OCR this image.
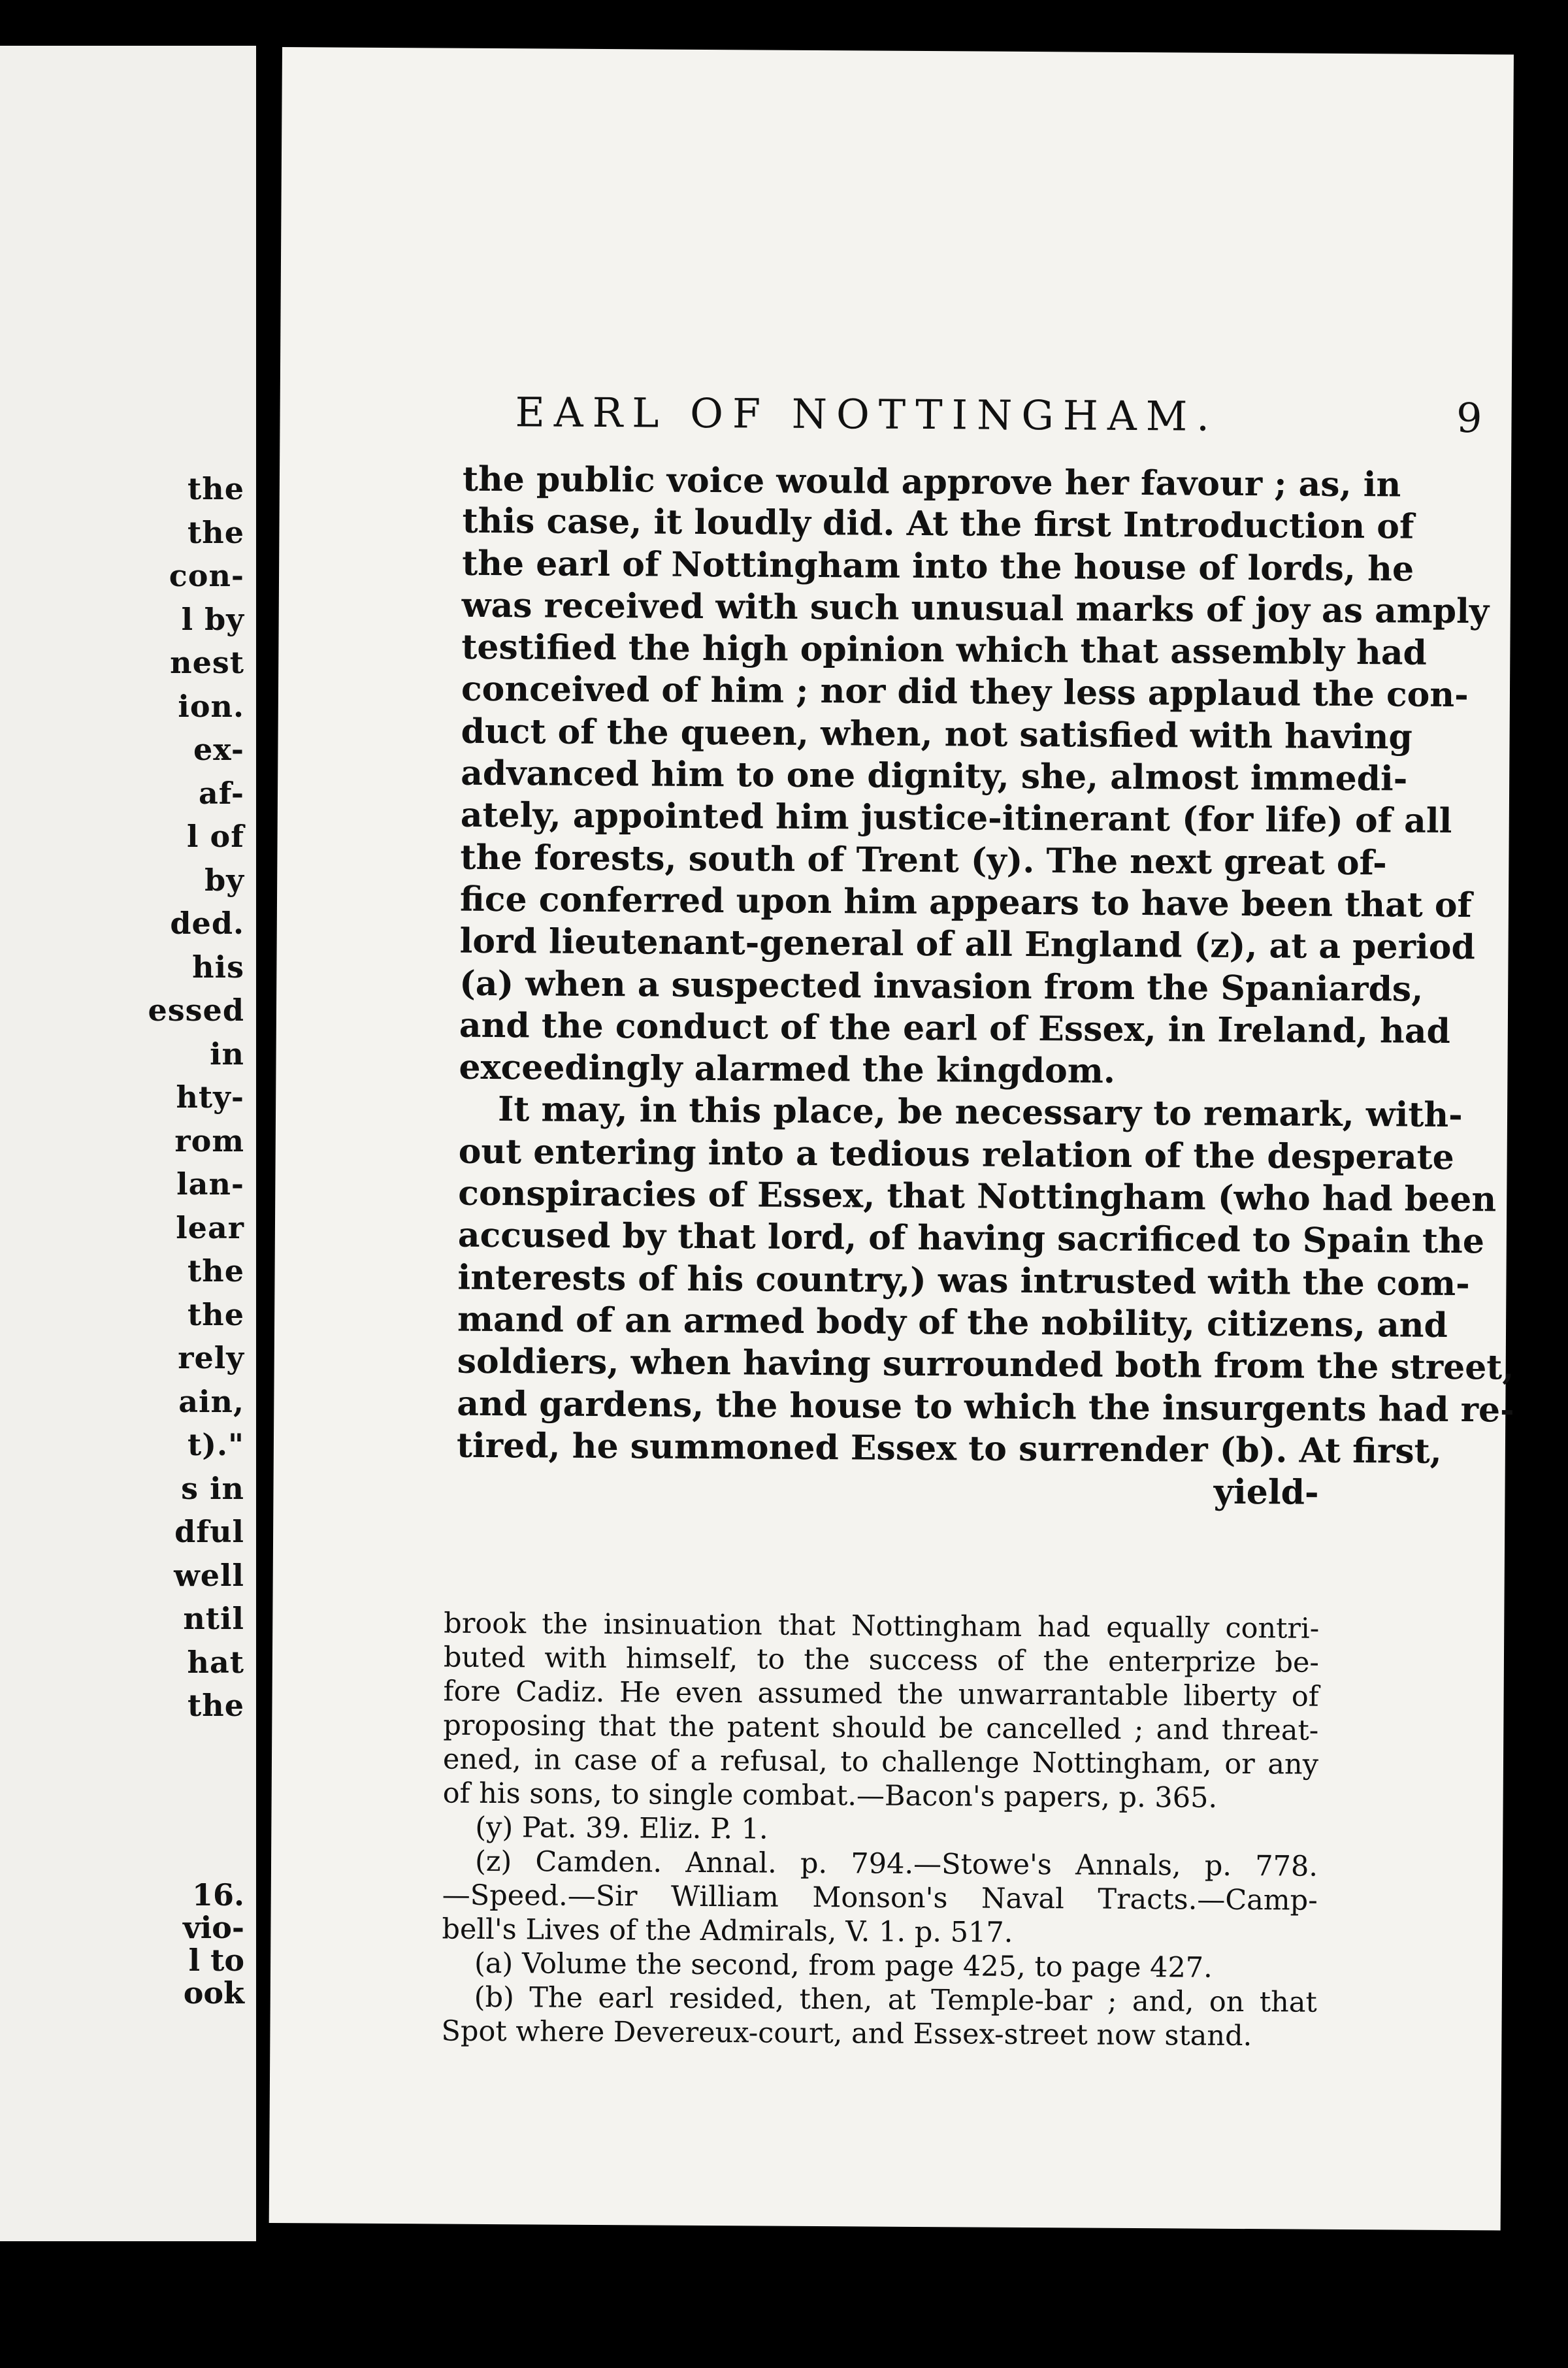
the
the
con-
l by
nest
ion.
ex-
af-
l of
by
ded.
his
essed
in
hty-
rom
lan-
lear
the
the
rely
ain,
t)."
s in
dful
well
ntil
hat
the
16.
vio-
l to
ook
EARL OF NOTTINGHAM.	9
the public voice would approve her favour ; as, in
this case, it loudly did. At the first Introduction of
the earl of Nottingham into the house of lords, he
was received with such unusual marks of joy as amply
testified the high opinion which that assembly had
conceived of him ; nor did they less applaud the con-
duct of the queen, when, not satisfied with having
advanced him to one dignity, she, almost immedi-
ately, appointed him justice-itinerant (for life) of all
the forests, south of Trent (y). The next great of-
fice conferred upon him appears to have been that of
lord lieutenant-general of all England (z), at a period
(a) when a suspected invasion from the Spaniards,
and the conduct of the earl of Essex, in Ireland, had
exceedingly alarmed the kingdom.
It may, in this place, be necessary to remark, with-
out entering into a tedious relation of the desperate
conspiracies of Essex, that Nottingham (who had been
accused by that lord, of having sacrificed to Spain the
interests of his country,) was intrusted with the com-
mand of an armed body of the nobility, citizens, and
soldiers, when having surrounded both from the street,
and gardens, the house to which the insurgents had re-
tired, he summoned Essex to surrender (b). At first,
yield-
brook the insinuation that Nottingham had equally contri-
buted with himself, to the success of the enterprize be-
fore Cadiz. He even assumed the unwarrantable liberty of
proposing that the patent should be cancelled ; and threat-
ened, in case of a refusal, to challenge Nottingham, or any
of his sons, to single combat.—Bacon's papers, p. 365.
(y) Pat. 39. Eliz. P. 1.
(z) Camden. Annal. p. 794.—Stowe's Annals, p. 778.
—Speed.—Sir William Monson's Naval Tracts.—Camp-
bell's Lives of the Admirals, V. 1. p. 517.
(a) Volume the second, from page 425, to page 427.
(b) The earl resided, then, at Temple-bar ; and, on that
Spot where Devereux-court, and Essex-street now stand.
